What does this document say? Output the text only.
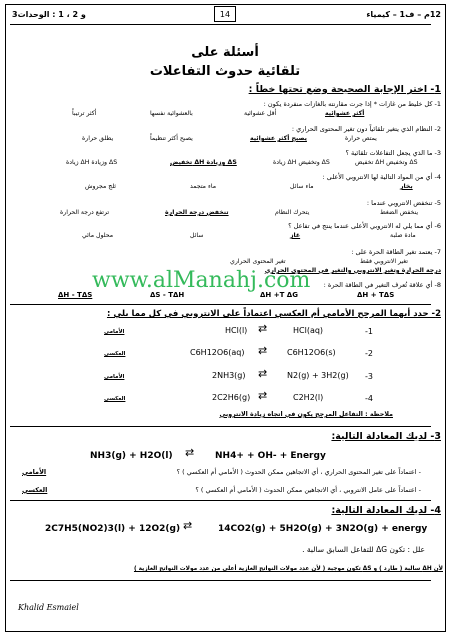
3و 2 ، 1 : الوحدات	14	12م – ف1 – كيمياء
أسئلة على
تلقائية حدوث التفاعلات
1- اختر الإجابة الصحيحة وضع تحتها خطاً :
1- كل خليط من غازات * إذا جرت مقارنته بالغازات منفردة يكون :
أكثر عشوائية
أقل عشوائية
بالعشوائية نفسها
أكثر ترتيباً
2- النظام الذي يتغير تلقائياً دون تغير المحتوى الحراري :
يمتص حرارة
يصبح أكثر عشوائية
يصبح أكثر تنظيماً
يطلق حرارة
3- ما الذي يجعل التفاعلات تلقائية ؟
تخفيض ΔH وتخفيض ΔS
زيادة ΔH وتخفيض ΔS
تخفيض ΔH وزيادة ΔS
زيادة ΔH وزيادة ΔS
4- أي من المواد التالية لها الانتروبي الأعلى :
بخار
ماء سائل
ماء متجمد
ثلج مجروش
5- تنخفض الانتروبي عندما :
ينخفض الضغط
يتحرك النظام
تنخفض درجة الحرارة
ترتفع درجة الحرارة
6- أي مما يلي له الانتروبي الأعلى عندما ينتج في تفاعل ؟
مادة صلبة
غاز
سائل
محلول مائي
7- يعتمد تغير الطاقة الحرة على :
تغير الانتروبي فقط
تغير المحتوى الحراري
درجة الحرارة وتغير الانتروبي والتغير في المحتوى الحراري
8- أي علاقة تُعرف التغير في الطاقة الحرة :
ΔH + TΔS
ΔH +T ΔG
ΔS - TΔH
ΔH - TΔS
www.alManahj.com
2- حدد أيهما المرجح الأمامي أم العكسي اعتماداً على الانتروبي في كل مما يلي :
-1
HCl(aq)
⇄
HCl(l)
الأمامي
-2
C6H12O6(s)
⇄
C6H12O6(aq)
العكسي
-3
N2(g) + 3H2(g)
⇄
2NH3(g)
الأمامي
-4
C2H2(l)
⇄
2C2H6(g)
العكسي
ملاحظة : التفاعل المرجح يكون في اتجاه زيادة الانتروبي
3- لديك المعادلة التالية:
NH3(g) + H2O(l) ⇄	NH4+ + OH- + Energy
- اعتماداً على تغير المحتوى الحراري ، أي الاتجاهين ممكن الحدوث ( الأمامي أم العكسي ) ؟
الأمامي
- اعتماداً على عامل الانتروبي ، أي الاتجاهين ممكن الحدوث ( الأمامي أم العكسي ) ؟
العكسي
4- لديك المعادلة التالية:
2C7H5(NO2)3(l) + 12O2(g) ⇄	14CO2(g) + 5H2O(g) + 3N2O(g) + energy
علل : تكون ΔG للتفاعل السابق سالبة .
لأن ΔH سالبة ( طارد ) و ΔS تكون موجبة ( لأن عدد مولات النواتج الغازية أعلى من عدد مولات النواتج الغازية )
Khalid Esmaiel
